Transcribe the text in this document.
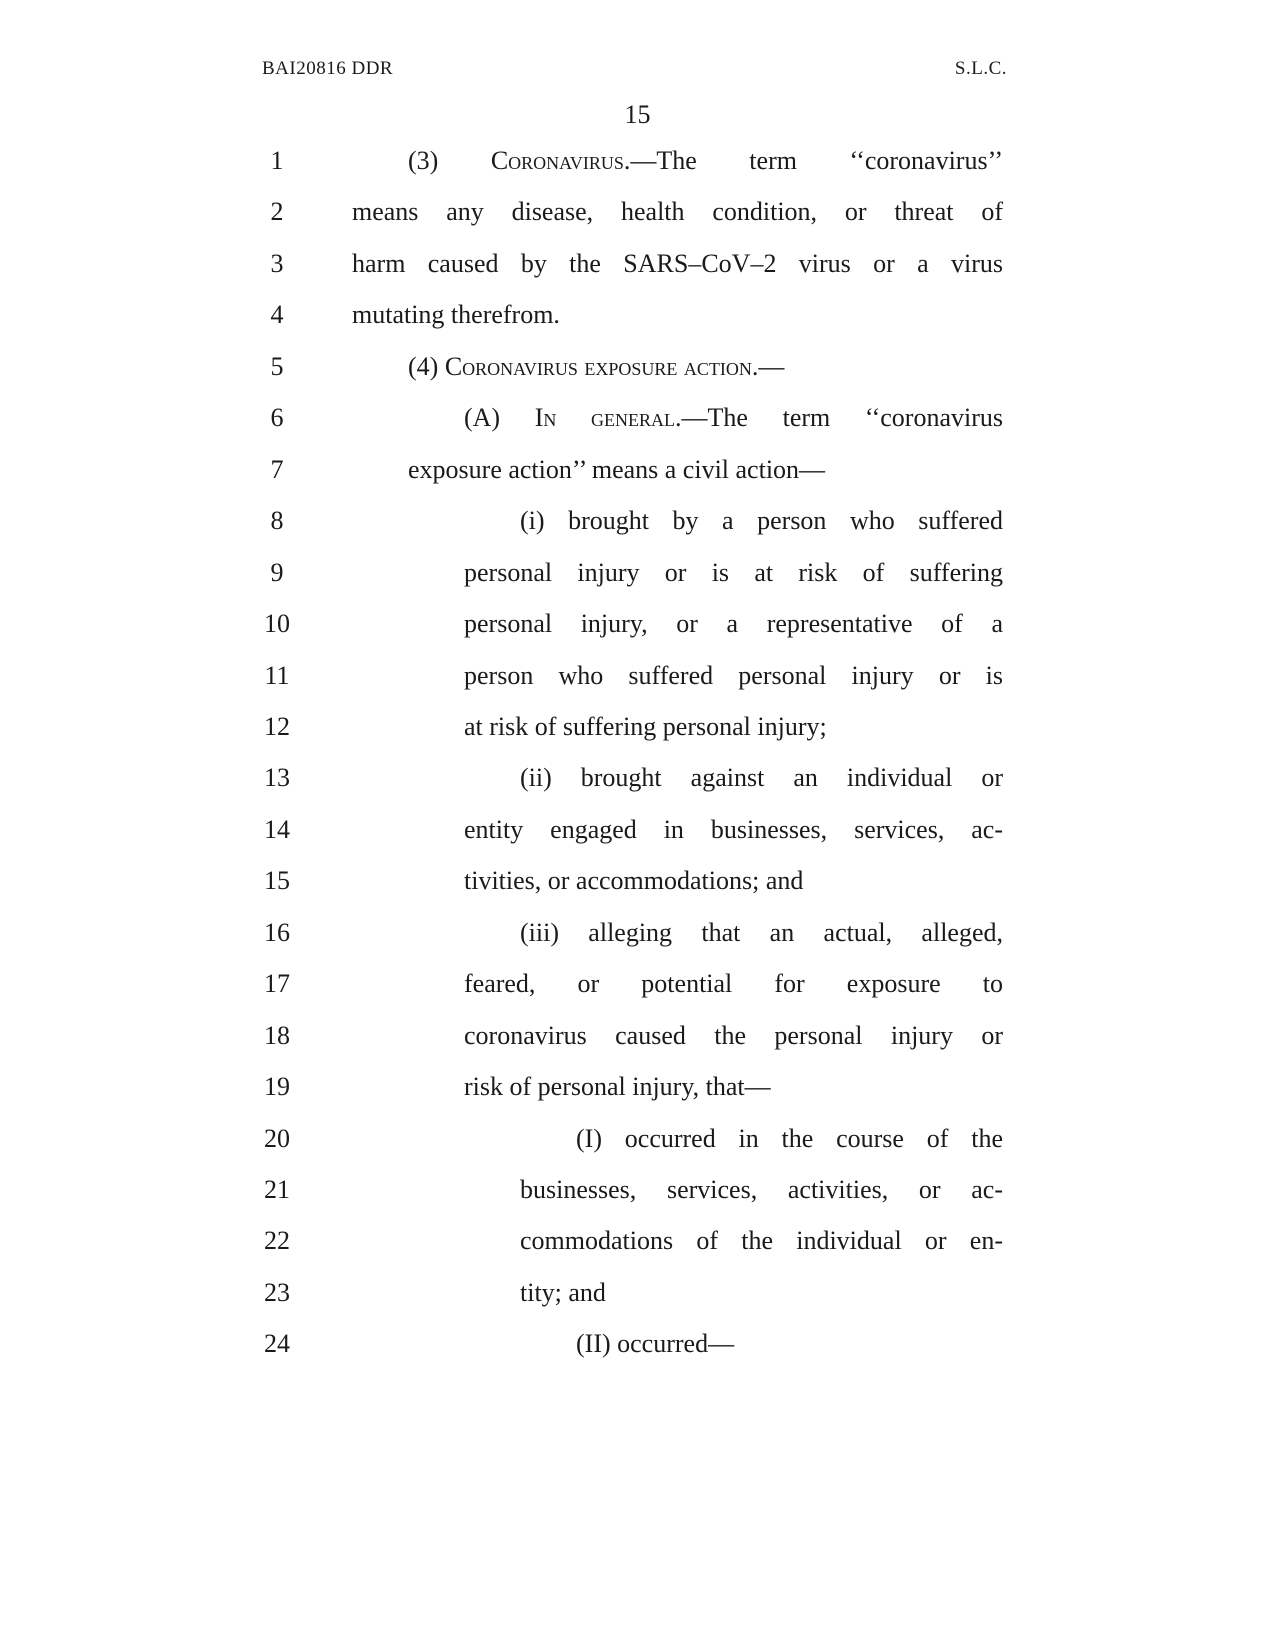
BAI20816 DDR	S.L.C.
15
1	(3) Coronavirus.—The term ‘‘coronavirus’’
2	means any disease, health condition, or threat of
3	harm caused by the SARS–CoV–2 virus or a virus
4	mutating therefrom.
5	(4) Coronavirus exposure action.—
6	(A) In general.—The term ‘‘coronavirus
7	exposure action’’ means a civil action—
8	(i) brought by a person who suffered
9	personal injury or is at risk of suffering
10	personal injury, or a representative of a
11	person who suffered personal injury or is
12	at risk of suffering personal injury;
13	(ii) brought against an individual or
14	entity engaged in businesses, services, ac-
15	tivities, or accommodations; and
16	(iii) alleging that an actual, alleged,
17	feared, or potential for exposure to
18	coronavirus caused the personal injury or
19	risk of personal injury, that—
20	(I) occurred in the course of the
21	businesses, services, activities, or ac-
22	commodations of the individual or en-
23	tity; and
24	(II) occurred—
